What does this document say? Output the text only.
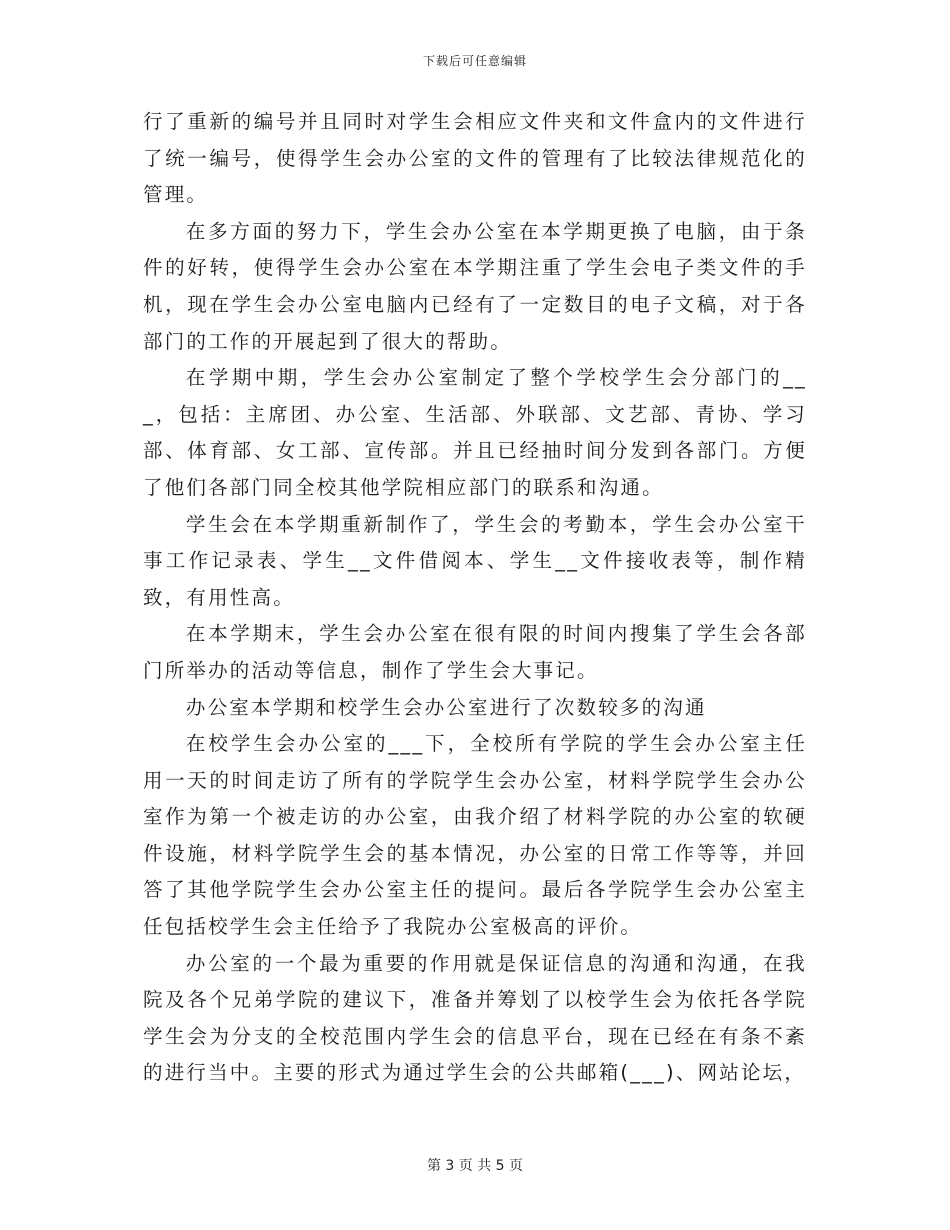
下载后可任意编辑

行了重新的编号并且同时对学生会相应文件夹和文件盒内的文件进行了统一编号，使得学生会办公室的文件的管理有了比较法律规范化的管理。

在多方面的努力下，学生会办公室在本学期更换了电脑，由于条件的好转，使得学生会办公室在本学期注重了学生会电子类文件的手机，现在学生会办公室电脑内已经有了一定数目的电子文稿，对于各部门的工作的开展起到了很大的帮助。

在学期中期，学生会办公室制定了整个学校学生会分部门的___，包括：主席团、办公室、生活部、外联部、文艺部、青协、学习部、体育部、女工部、宣传部。并且已经抽时间分发到各部门。方便了他们各部门同全校其他学院相应部门的联系和沟通。

学生会在本学期重新制作了，学生会的考勤本，学生会办公室干事工作记录表、学生__文件借阅本、学生__文件接收表等，制作精致，有用性高。

在本学期末，学生会办公室在很有限的时间内搜集了学生会各部门所举办的活动等信息，制作了学生会大事记。

办公室本学期和校学生会办公室进行了次数较多的沟通

在校学生会办公室的___下，全校所有学院的学生会办公室主任用一天的时间走访了所有的学院学生会办公室，材料学院学生会办公室作为第一个被走访的办公室，由我介绍了材料学院的办公室的软硬件设施，材料学院学生会的基本情况，办公室的日常工作等等，并回答了其他学院学生会办公室主任的提问。最后各学院学生会办公室主任包括校学生会主任给予了我院办公室极高的评价。

办公室的一个最为重要的作用就是保证信息的沟通和沟通，在我院及各个兄弟学院的建议下，准备并筹划了以校学生会为依托各学院学生会为分支的全校范围内学生会的信息平台，现在已经在有条不紊的进行当中。主要的形式为通过学生会的公共邮箱(___)、网站论坛，

第 3 页 共 5 页
